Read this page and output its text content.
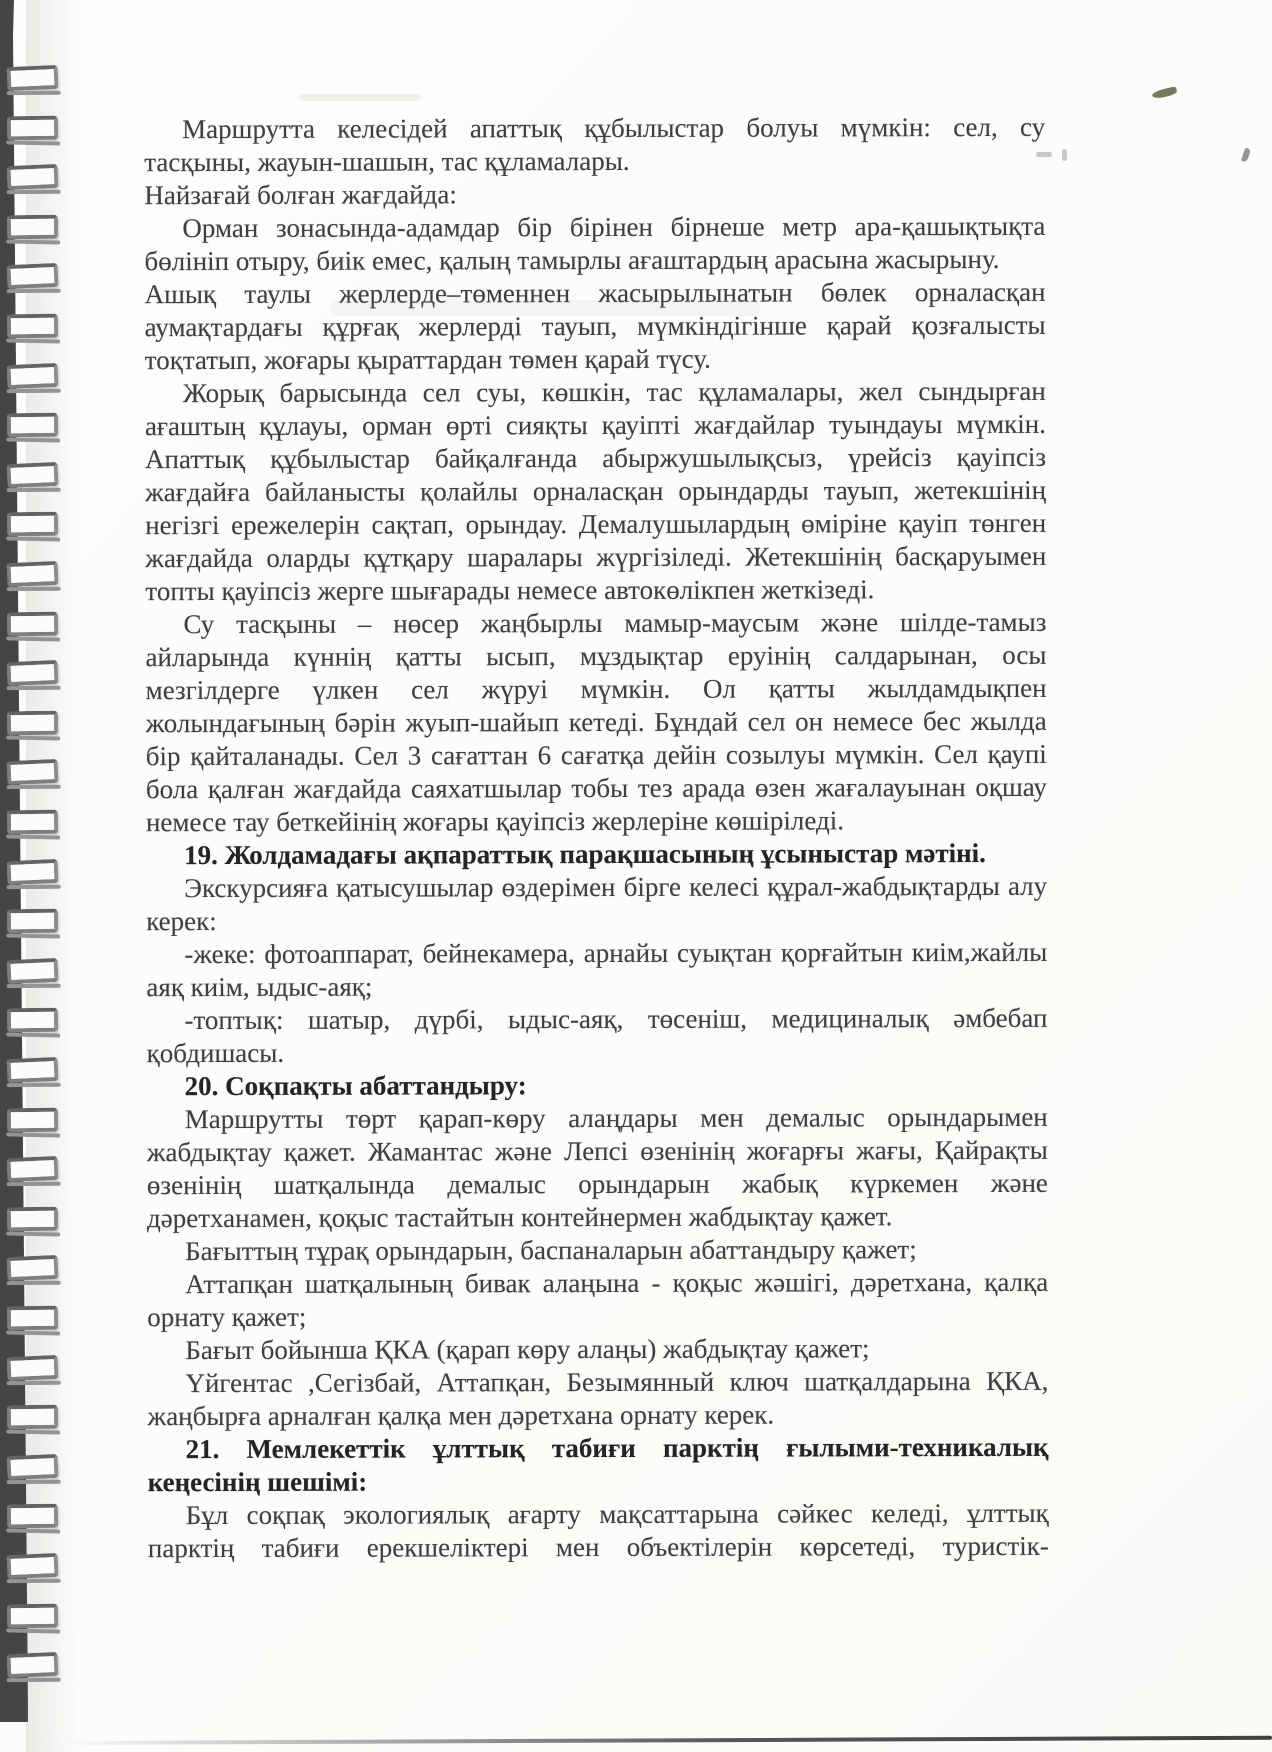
Маршрутта келесідей апаттық құбылыстар болуы мүмкін: сел, су тасқыны, жауын-шашын, тас құламалары.

Найзағай болған жағдайда:

Орман зонасында-адамдар бір бірінен бірнеше метр ара-қашықтықта бөлініп отыру, биік емес, қалың тамырлы ағаштардың арасына жасырыну.

Ашық таулы жерлерде–төменнен жасырылынатын бөлек орналасқан аумақтардағы құрғақ жерлерді тауып, мүмкіндігінше қарай қозғалысты тоқтатып, жоғары қыраттардан төмен қарай түсу.

Жорық барысында сел суы, көшкін, тас құламалары, жел сындырған ағаштың құлауы, орман өрті сияқты қауіпті жағдайлар туындауы мүмкін. Апаттық құбылыстар байқалғанда абыржушылықсыз, үрейсіз қауіпсіз жағдайға байланысты қолайлы орналасқан орындарды тауып, жетекшінің негізгі ережелерін сақтап, орындау. Демалушылардың өміріне қауіп төнген жағдайда оларды құтқару шаралары жүргізіледі. Жетекшінің басқаруымен топты қауіпсіз жерге шығарады немесе автокөлікпен жеткізеді.

Су тасқыны – нөсер жаңбырлы мамыр-маусым және шілде-тамыз айларында күннің қатты ысып, мұздықтар еруінің салдарынан, осы мезгілдерге үлкен сел жүруі мүмкін. Ол қатты жылдамдықпен жолындағының бәрін жуып-шайып кетеді. Бұндай сел он немесе бес жылда бір қайталанады. Сел 3 сағаттан 6 сағатқа дейін созылуы мүмкін. Сел қаупі бола қалған жағдайда саяхатшылар тобы тез арада өзен жағалауынан оқшау немесе тау беткейінің жоғары қауіпсіз жерлеріне көшіріледі.

19. Жолдамадағы ақпараттық парақшасының ұсыныстар мәтіні.

Экскурсияға қатысушылар өздерімен бірге келесі құрал-жабдықтарды алу керек:

-жеке: фотоаппарат, бейнекамера, арнайы суықтан қорғайтын киім,жайлы аяқ киім, ыдыс-аяқ;

-топтық: шатыр, дүрбі, ыдыс-аяқ, төсеніш, медициналық әмбебап қобдишасы.

20. Соқпақты абаттандыру:

Маршрутты төрт қарап-көру алаңдары мен демалыс орындарымен жабдықтау қажет. Жамантас және Лепсі өзенінің жоғарғы жағы, Қайрақты өзенінің шатқалында демалыс орындарын жабық күркемен және дәретханамен, қоқыс тастайтын контейнермен жабдықтау қажет.

Бағыттың тұрақ орындарын, баспаналарын абаттандыру қажет;

Аттапқан шатқалының бивак алаңына - қоқыс жәшігі, дәретхана, қалқа орнату қажет;

Бағыт бойынша ҚКА (қарап көру алаңы) жабдықтау қажет;

Үйгентас ,Сегізбай, Аттапқан, Безымянный ключ шатқалдарына ҚКА, жаңбырға арналған қалқа мен дәретхана орнату керек.

21. Мемлекеттік ұлттық табиғи парктің ғылыми-техникалық кеңесінің шешімі:

Бұл соқпақ экологиялық ағарту мақсаттарына сәйкес келеді, ұлттық парктің табиғи ерекшеліктері мен объектілерін көрсетеді, туристік-
